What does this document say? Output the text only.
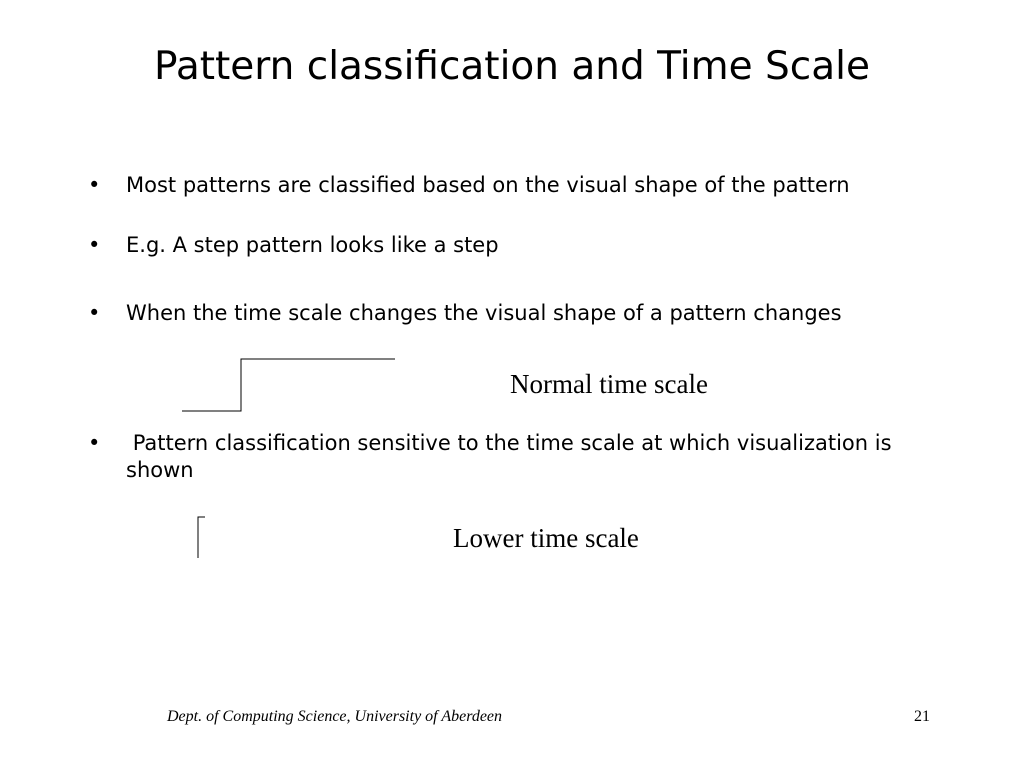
Pattern classification and Time Scale
• Most patterns are classified based on the visual shape of the pattern
• E.g. A step pattern looks like a step
• When the time scale changes the visual shape of a pattern changes
Normal time scale
• Pattern classification sensitive to the time scale at which visualization is shown
Lower time scale
Dept. of Computing Science, University of Aberdeen	21
